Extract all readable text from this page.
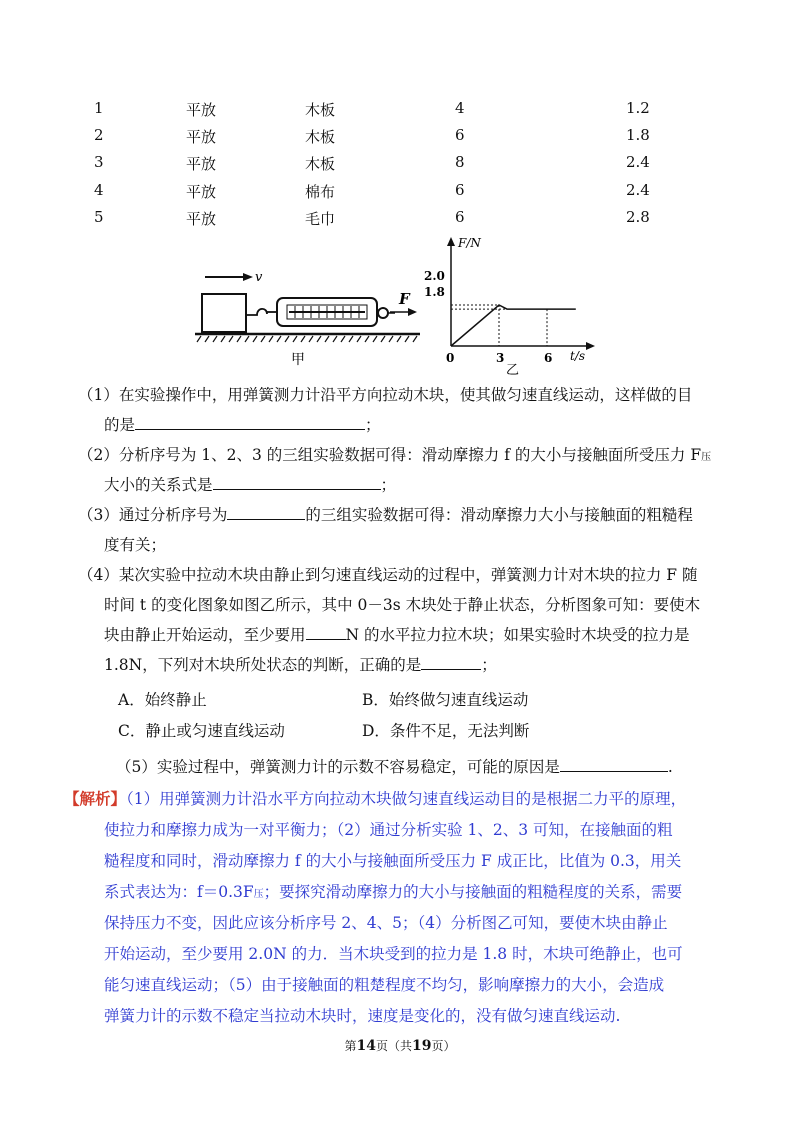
1	平放	木板	4	1.2
2	平放	木板	6	1.8
3	平放	木板	8	2.4
4	平放	棉布	6	2.4
5	平放	毛巾	6	2.8
v
F
甲
F/N
t/s
2.0
1.8
0	3	6
乙
（1）在实验操作中，用弹簧测力计沿平方向拉动木块，使其做匀速直线运动，这样做的目
的是	；
（2）分析序号为 1、2、3 的三组实验数据可得：滑动摩擦力 f 的大小与接触面所受压力 F压
大小的关系式是	；
（3）通过分析序号为	的三组实验数据可得：滑动摩擦力大小与接触面的粗糙程
度有关；
（4）某次实验中拉动木块由静止到匀速直线运动的过程中，弹簧测力计对木块的拉力 F 随
时间 t 的变化图象如图乙所示，其中 0－3s 木块处于静止状态，分析图象可知：要使木
块由静止开始运动，至少要用	N 的水平拉力拉木块；如果实验时木块受的拉力是
1.8N，下列对木块所处状态的判断，正确的是	；
A．始终静止	B．始终做匀速直线运动
C．静止或匀速直线运动	D．条件不足，无法判断
（5）实验过程中，弹簧测力计的示数不容易稳定，可能的原因是	.
【解析】（1）用弹簧测力计沿水平方向拉动木块做匀速直线运动目的是根据二力平的原理，
使拉力和摩擦力成为一对平衡力；（2）通过分析实验 1、2、3 可知，在接触面的粗
糙程度和同时，滑动摩擦力 f 的大小与接触面所受压力 F 成正比，比值为 0.3，用关
系式表达为：f＝0.3F压；要探究滑动摩擦力的大小与接触面的粗糙程度的关系，需要
保持压力不变，因此应该分析序号 2、4、5；（4）分析图乙可知，要使木块由静止
开始运动，至少要用 2.0N 的力．当木块受到的拉力是 1.8 时，木块可绝静止，也可
能匀速直线运动；（5）由于接触面的粗楚程度不均匀，影响摩擦力的大小，会造成
弹簧力计的示数不稳定当拉动木块时，速度是变化的，没有做匀速直线运动.
第14页（共19页）
